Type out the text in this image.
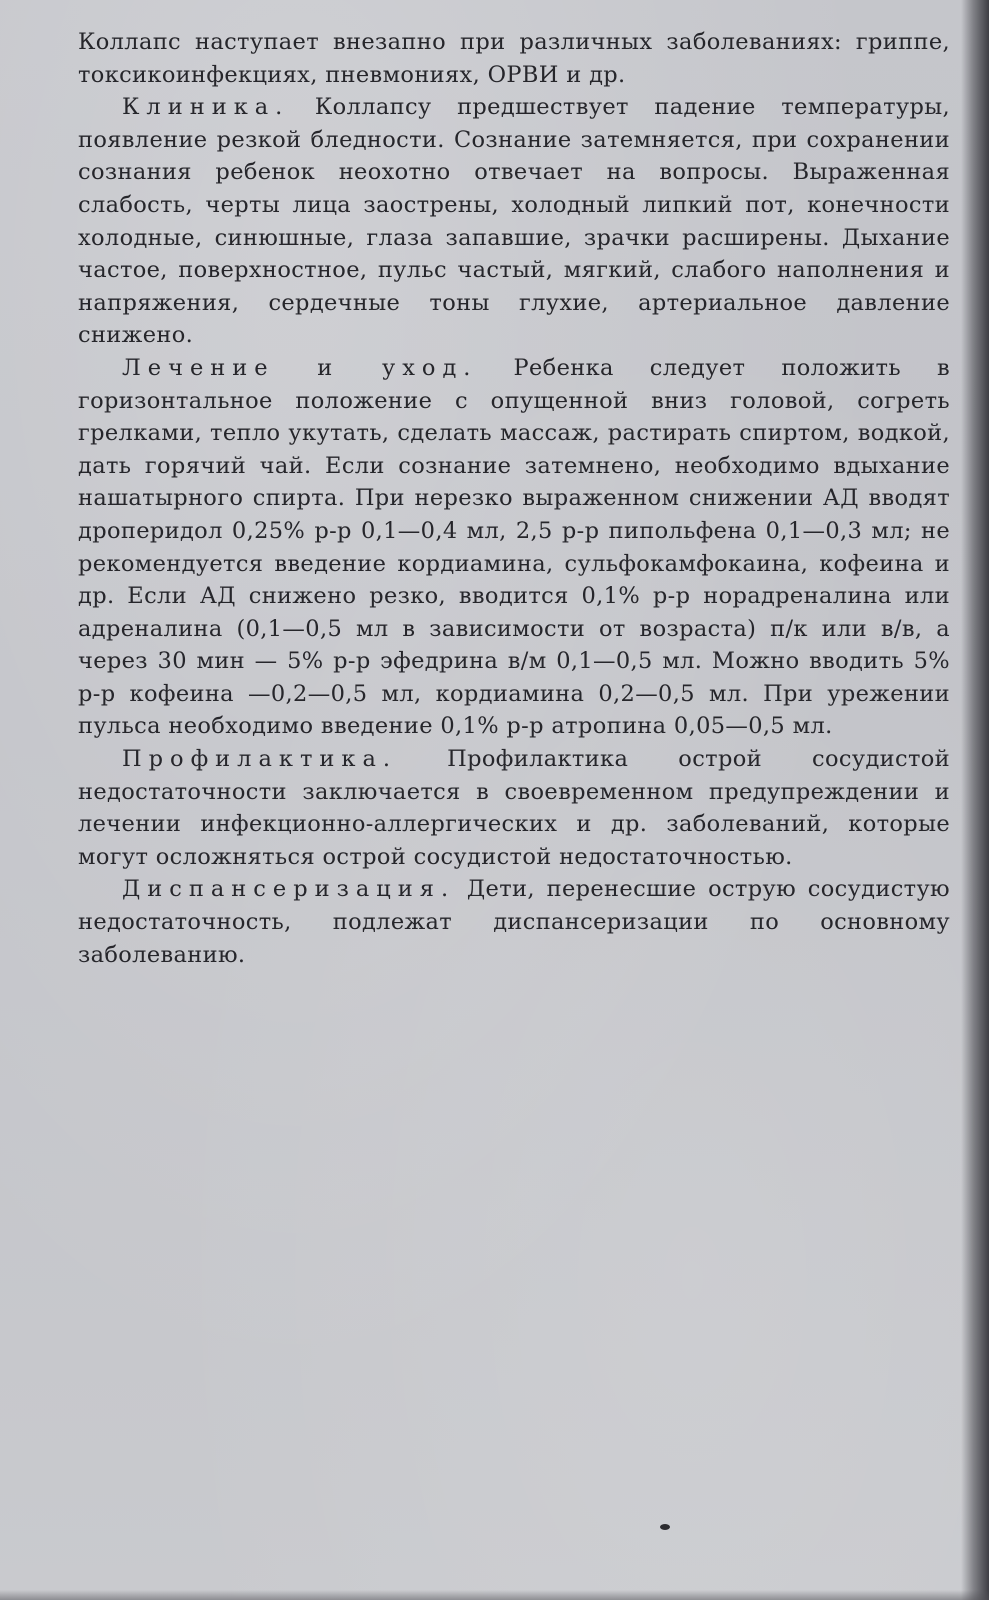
Коллапс наступает внезапно при различных заболеваниях: гриппе, токсикоинфекциях, пневмониях, ОРВИ и др.

Клиника. Коллапсу предшествует падение температуры, появление резкой бледности. Сознание затемняется, при сохранении сознания ребенок неохотно отвечает на вопросы. Выраженная слабость, черты лица заострены, холодный липкий пот, конечности холодные, синюшные, глаза запавшие, зрачки расширены. Дыхание частое, поверхностное, пульс частый, мягкий, слабого наполнения и напряжения, сердечные тоны глухие, артериальное давление снижено.

Лечение и уход. Ребенка следует положить в горизонтальное положение с опущенной вниз головой, согреть грелками, тепло укутать, сделать массаж, растирать спиртом, водкой, дать горячий чай. Если сознание затемнено, необходимо вдыхание нашатырного спирта. При нерезко выраженном снижении АД вводят дроперидол 0,25% р-р 0,1—0,4 мл, 2,5 р-р пипольфена 0,1—0,3 мл; не рекомендуется введение кордиамина, сульфокамфокаина, кофеина и др. Если АД снижено резко, вводится 0,1% р-р норадреналина или адреналина (0,1—0,5 мл в зависимости от возраста) п/к или в/в, а через 30 мин — 5% р-р эфедрина в/м 0,1—0,5 мл. Можно вводить 5% р-р кофеина —0,2—0,5 мл, кордиамина 0,2—0,5 мл. При урежении пульса необходимо введение 0,1% р-р атропина 0,05—0,5 мл.

Профилактика. Профилактика острой сосудистой недостаточности заключается в своевременном предупреждении и лечении инфекционно-аллергических и др. заболеваний, которые могут осложняться острой сосудистой недостаточностью.

Диспансеризация. Дети, перенесшие острую сосудистую недостаточность, подлежат диспансеризации по основному заболеванию.
